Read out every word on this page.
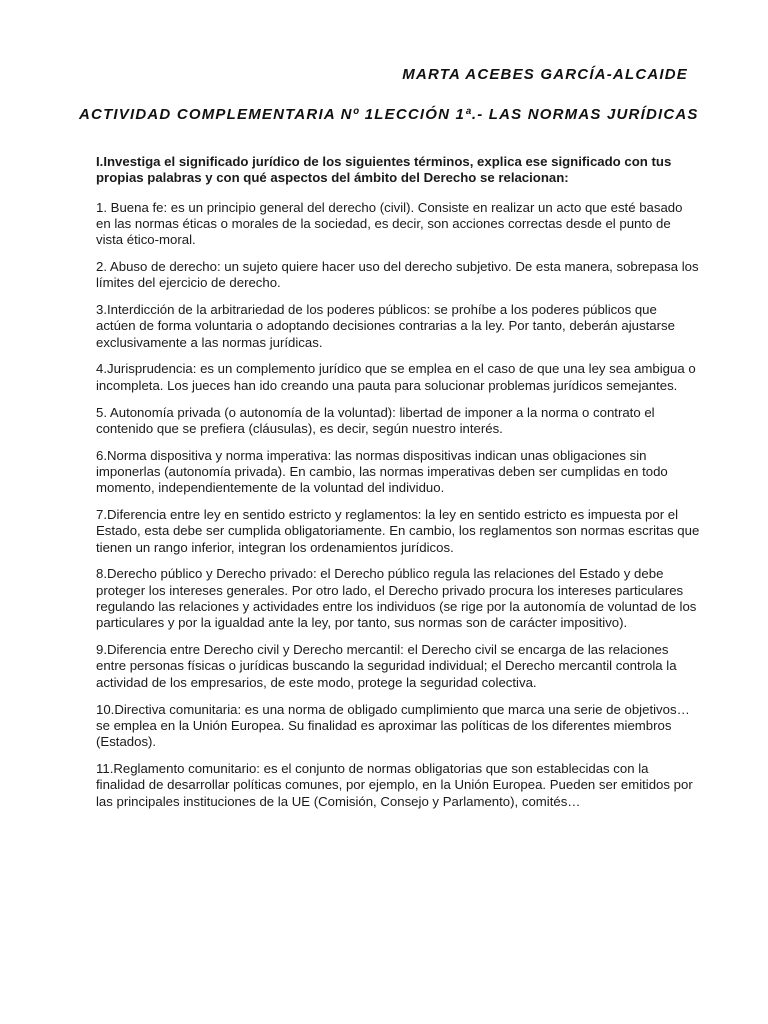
MARTA ACEBES GARCÍA-ALCAIDE
ACTIVIDAD COMPLEMENTARIA Nº 1 LECCIÓN 1ª.- LAS NORMAS JURÍDICAS

I.Investiga el significado jurídico de los siguientes términos, explica ese significado con tus propias palabras y con qué aspectos del ámbito del Derecho se relacionan:

1. Buena fe: es un principio general del derecho (civil). Consiste en realizar un acto que esté basado en las normas éticas o morales de la sociedad, es decir, son acciones correctas desde el punto de vista ético-moral.

2. Abuso de derecho: un sujeto quiere hacer uso del derecho subjetivo. De esta manera, sobrepasa los límites del ejercicio de derecho.

3.Interdicción de la arbitrariedad de los poderes públicos: se prohíbe a los poderes públicos que actúen de forma voluntaria o adoptando decisiones contrarias a la ley. Por tanto, deberán ajustarse exclusivamente a las normas jurídicas.

4.Jurisprudencia: es un complemento jurídico que se emplea en el caso de que una ley sea ambigua o incompleta. Los jueces han ido creando una pauta para solucionar problemas jurídicos semejantes.

5. Autonomía privada (o autonomía de la voluntad): libertad de imponer a la norma o contrato el contenido que se prefiera (cláusulas), es decir, según nuestro interés.

6.Norma dispositiva y norma imperativa: las normas dispositivas indican unas obligaciones sin imponerlas (autonomía privada). En cambio, las normas imperativas deben ser cumplidas en todo momento, independientemente de la voluntad del individuo.

7.Diferencia entre ley en sentido estricto y reglamentos: la ley en sentido estricto es impuesta por el Estado, esta debe ser cumplida obligatoriamente. En cambio, los reglamentos son normas escritas que tienen un rango inferior, integran los ordenamientos jurídicos.

8.Derecho público y Derecho privado: el Derecho público regula las relaciones del Estado y debe proteger los intereses generales. Por otro lado, el Derecho privado procura los intereses particulares regulando las relaciones y actividades entre los individuos (se rige por la autonomía de voluntad de los particulares y por la igualdad ante la ley, por tanto, sus normas son de carácter impositivo).

9.Diferencia entre Derecho civil y Derecho mercantil: el Derecho civil se encarga de las relaciones entre personas físicas o jurídicas buscando la seguridad individual; el Derecho mercantil controla la actividad de los empresarios, de este modo, protege la seguridad colectiva.

10.Directiva comunitaria: es una norma de obligado cumplimiento que marca una serie de objetivos… se emplea en la Unión Europea. Su finalidad es aproximar las políticas de los diferentes miembros (Estados).

11.Reglamento comunitario: es el conjunto de normas obligatorias que son establecidas con la finalidad de desarrollar políticas comunes, por ejemplo, en la Unión Europea. Pueden ser emitidos por las principales instituciones de la UE (Comisión, Consejo y Parlamento), comités…
